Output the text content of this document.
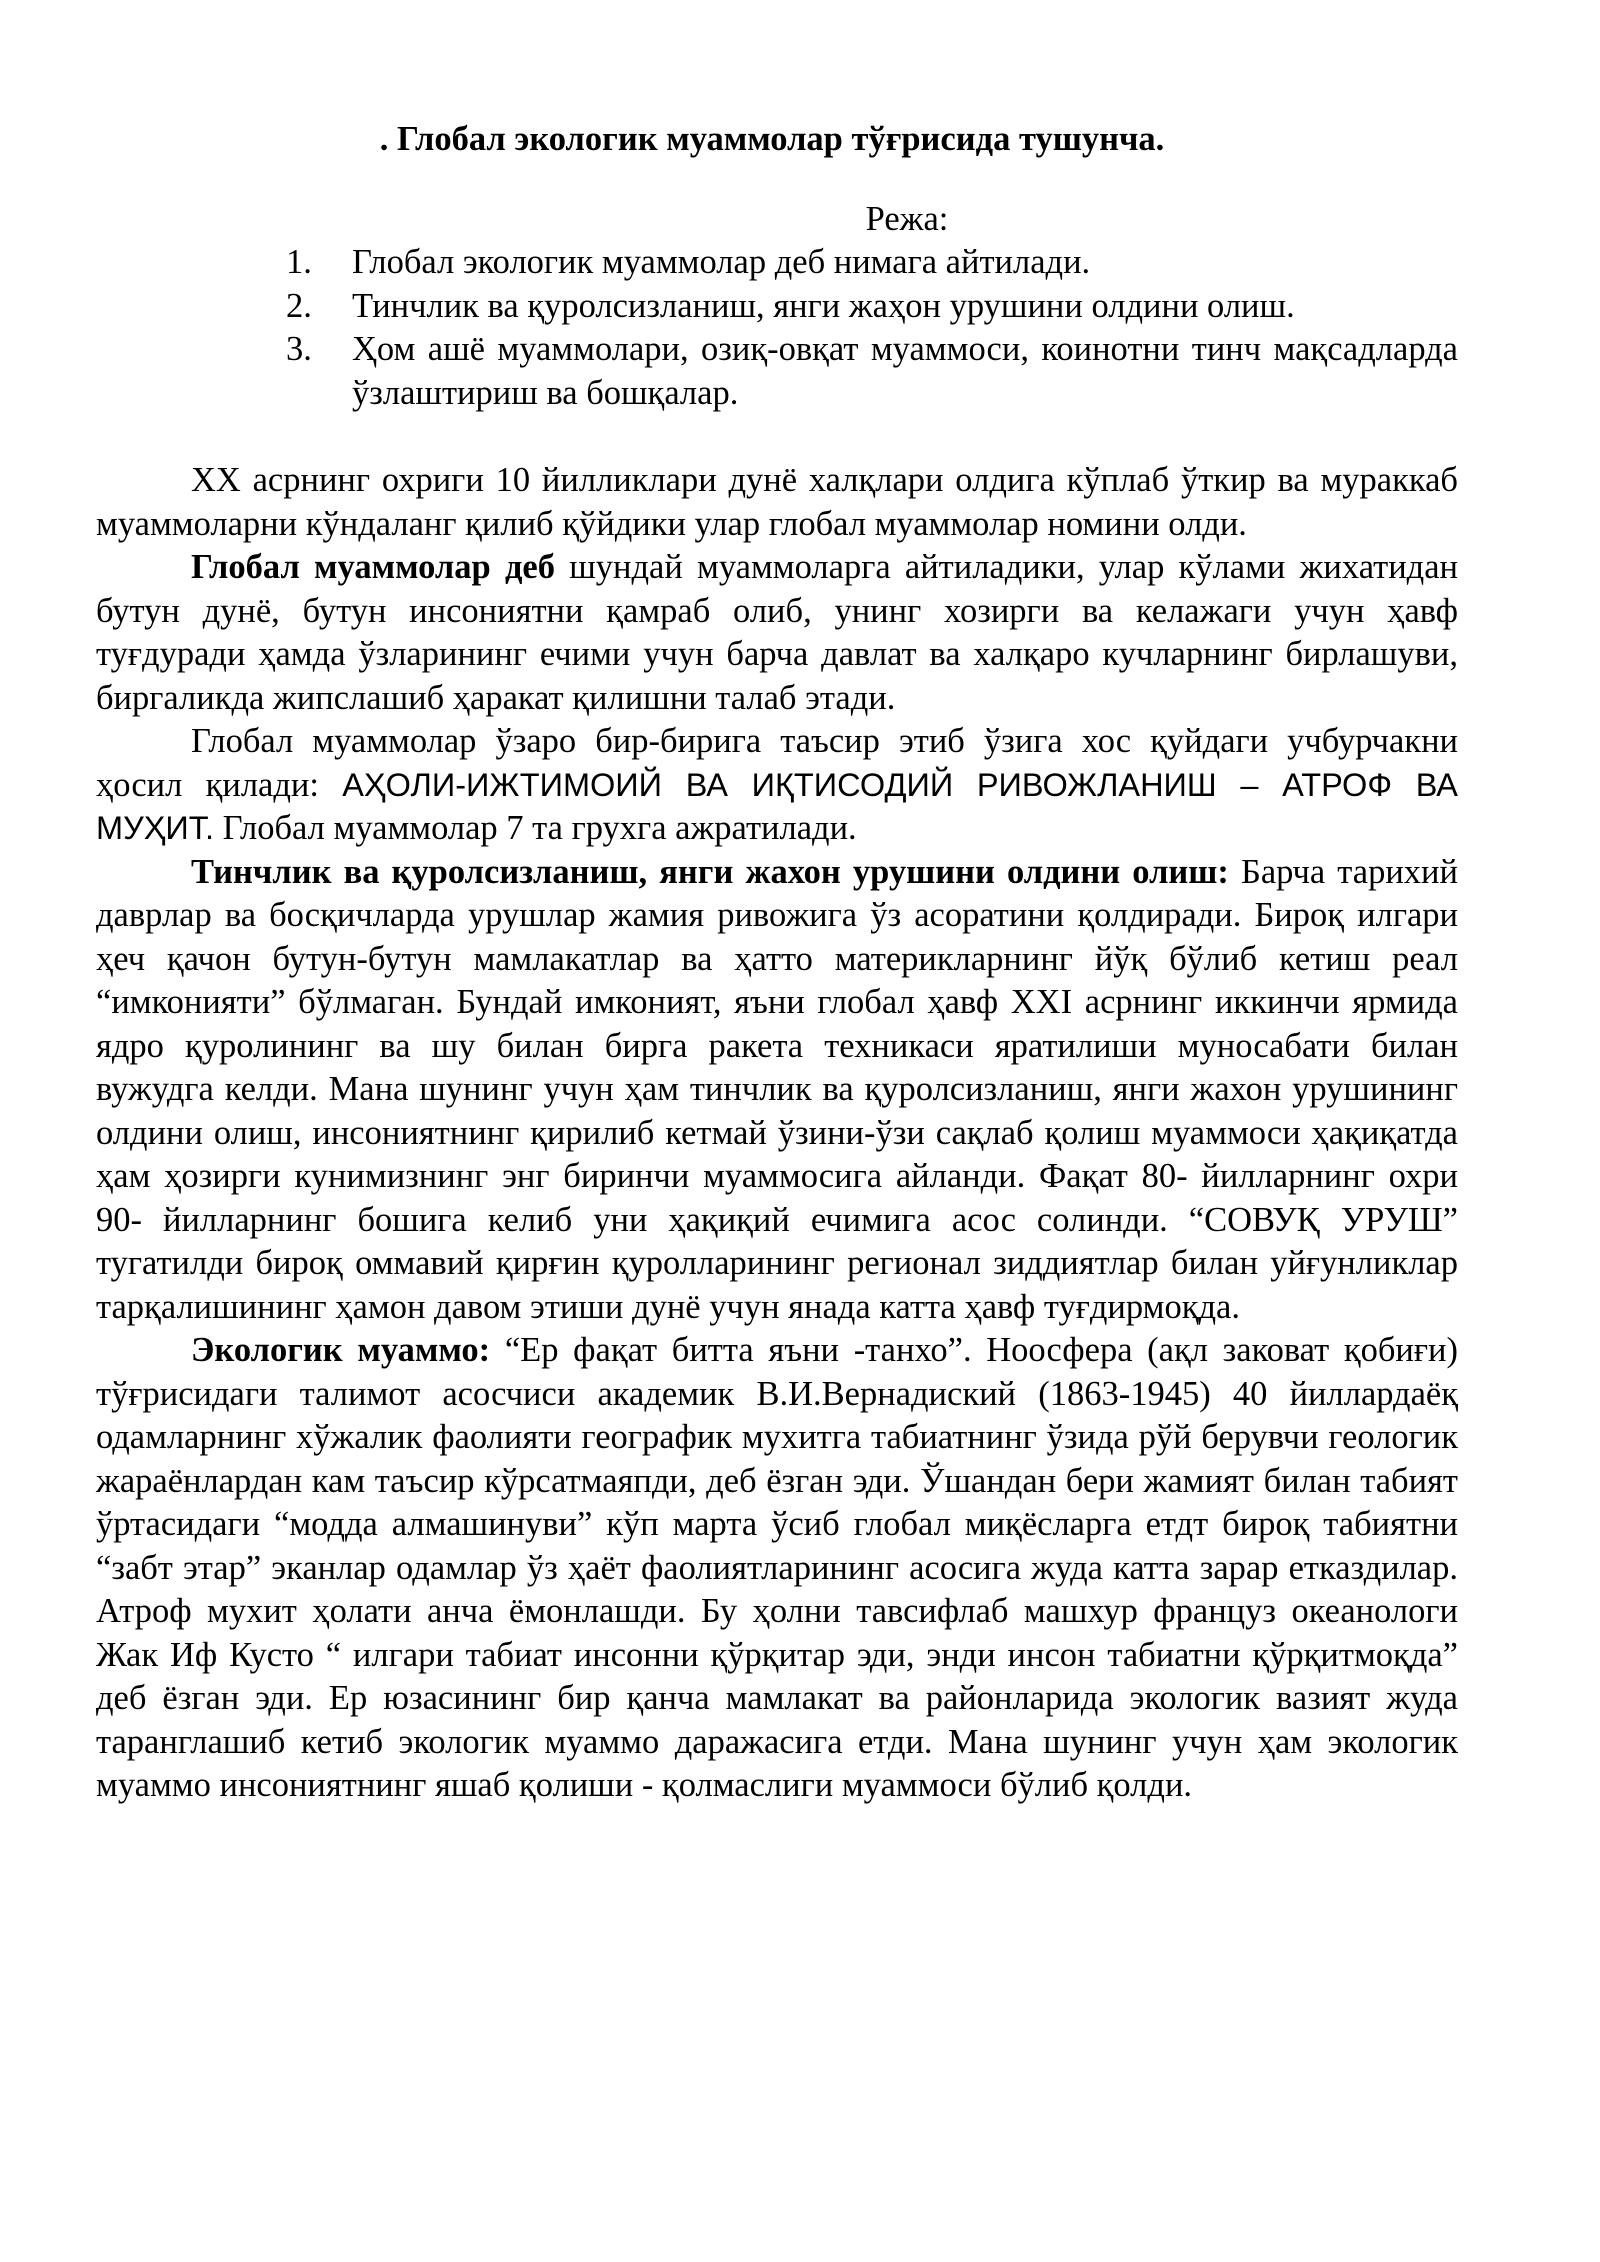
. Глобал экологик муаммолар тўғрисида тушунча.

Режа:

1. Глобал экологик муаммолар деб нимага айтилади.
2. Тинчлик ва қуролсизланиш, янги жаҳон урушини олдини олиш.
3. Ҳом ашё муаммолари, озиқ-овқат муаммоси, коинотни тинч мақсадларда ўзлаштириш ва бошқалар.

XX асрнинг охриги 10 йилликлари дунё халқлари олдига кўплаб ўткир ва мураккаб муаммоларни кўндаланг қилиб қўйдики улар глобал муаммолар номини олди.

Глобал муаммолар деб шундай муаммоларга айтиладики, улар кўлами жихатидан бутун дунё, бутун инсониятни қамраб олиб, унинг хозирги ва келажаги учун ҳавф туғдуради ҳамда ўзларининг ечими учун барча давлат ва халқаро кучларнинг бирлашуви, биргаликда жипслашиб ҳаракат қилишни талаб этади.

Глобал муаммолар ўзаро бир-бирига таъсир этиб ўзига хос қуйдаги учбурчакни ҳосил қилади: АҲОЛИ-ИЖТИМОИЙ ВА ИҚТИСОДИЙ РИВОЖЛАНИШ – АТРОФ ВА МУҲИТ. Глобал муаммолар 7 та грухга ажратилади.

Тинчлик ва қуролсизланиш, янги жахон урушини олдини олиш: Барча тарихий даврлар ва босқичларда урушлар жамия ривожига ўз асоратини қолдиради. Бироқ илгари ҳеч қачон бутун-бутун мамлакатлар ва ҳатто материкларнинг йўқ бўлиб кетиш реал “имконияти” бўлмаган. Бундай имконият, яъни глобал ҳавф XXI асрнинг иккинчи ярмида ядро қуролининг ва шу билан бирга ракета техникаси яратилиши муносабати билан вужудга келди. Мана шунинг учун ҳам тинчлик ва қуролсизланиш, янги жахон урушининг олдини олиш, инсониятнинг қирилиб кетмай ўзини-ўзи сақлаб қолиш муаммоси ҳақиқатда ҳам ҳозирги кунимизнинг энг биринчи муаммосига айланди. Фақат 80- йилларнинг охри 90- йилларнинг бошига келиб уни ҳақиқий ечимига асос солинди. “СОВУҚ УРУШ” тугатилди бироқ оммавий қирғин қуролларининг регионал зиддиятлар билан уйғунликлар тарқалишининг ҳамон давом этиши дунё учун янада катта ҳавф туғдирмоқда.

Экологик муаммо: “Ер фақат битта яъни -танхо”. Ноосфера (ақл заковат қобиғи) тўғрисидаги талимот асосчиси академик В.И.Вернадиский (1863-1945) 40 йиллардаёқ одамларнинг хўжалик фаолияти географик мухитга табиатнинг ўзида рўй берувчи геологик жараёнлардан кам таъсир кўрсатмаяпди, деб ёзган эди. Ўшандан бери жамият билан табият ўртасидаги “модда алмашинуви” кўп марта ўсиб глобал миқёсларга етдт бироқ табиятни “забт этар” эканлар одамлар ўз ҳаёт фаолиятларининг асосига жуда катта зарар етказдилар. Атроф мухит ҳолати анча ёмонлашди. Бу ҳолни тавсифлаб машхур француз океанологи Жак Иф Кусто “ илгари табиат инсонни қўрқитар эди, энди инсон табиатни қўрқитмоқда” деб ёзган эди. Ер юзасининг бир қанча мамлакат ва районларида экологик вазият жуда таранглашиб кетиб экологик муаммо даражасига етди. Мана шунинг учун ҳам экологик муаммо инсониятнинг яшаб қолиши - қолмаслиги муаммоси бўлиб қолди.
